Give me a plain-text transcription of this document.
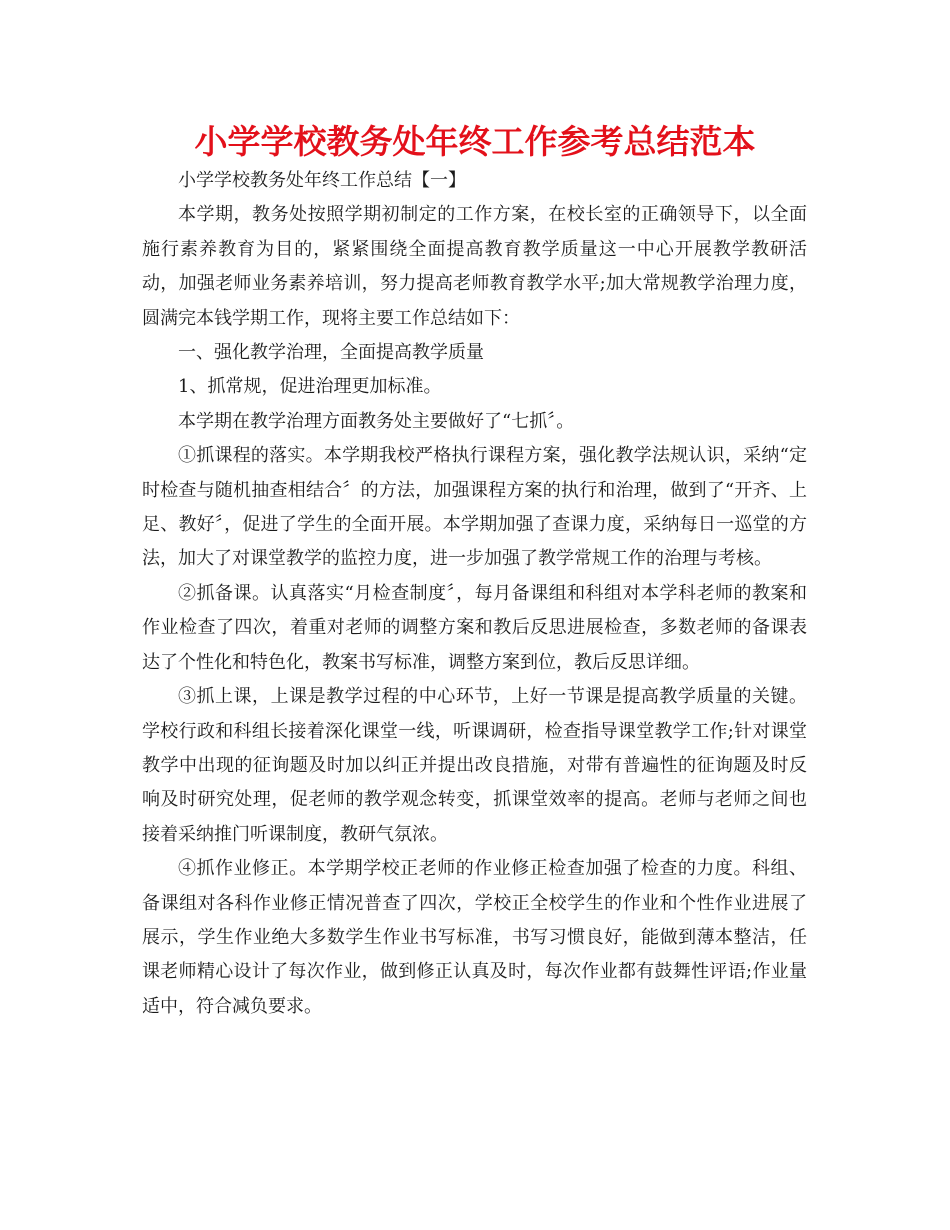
小学学校教务处年终工作参考总结范本

小学学校教务处年终工作总结【一】

本学期，教务处按照学期初制定的工作方案，在校长室的正确领导下，以全面施行素养教育为目的，紧紧围绕全面提高教育教学质量这一中心开展教学教研活动，加强老师业务素养培训，努力提高老师教育教学水平;加大常规教学治理力度，圆满完本钱学期工作，现将主要工作总结如下：

一、强化教学治理，全面提高教学质量

1、抓常规，促进治理更加标准。

本学期在教学治理方面教务处主要做好了“七抓〞。

①抓课程的落实。本学期我校严格执行课程方案，强化教学法规认识，采纳“定时检查与随机抽查相结合〞的方法，加强课程方案的执行和治理，做到了“开齐、上足、教好〞，促进了学生的全面开展。本学期加强了查课力度，采纳每日一巡堂的方法，加大了对课堂教学的监控力度，进一步加强了教学常规工作的治理与考核。

②抓备课。认真落实“月检查制度〞，每月备课组和科组对本学科老师的教案和作业检查了四次，着重对老师的调整方案和教后反思进展检查，多数老师的备课表达了个性化和特色化，教案书写标准，调整方案到位，教后反思详细。

③抓上课，上课是教学过程的中心环节，上好一节课是提高教学质量的关键。学校行政和科组长接着深化课堂一线，听课调研，检查指导课堂教学工作;针对课堂教学中出现的征询题及时加以纠正并提出改良措施，对带有普遍性的征询题及时反响及时研究处理，促老师的教学观念转变，抓课堂效率的提高。老师与老师之间也接着采纳推门听课制度，教研气氛浓。

④抓作业修正。本学期学校正老师的作业修正检查加强了检查的力度。科组、备课组对各科作业修正情况普查了四次，学校正全校学生的作业和个性作业进展了展示，学生作业绝大多数学生作业书写标准，书写习惯良好，能做到薄本整洁，任课老师精心设计了每次作业，做到修正认真及时，每次作业都有鼓舞性评语;作业量适中，符合减负要求。
